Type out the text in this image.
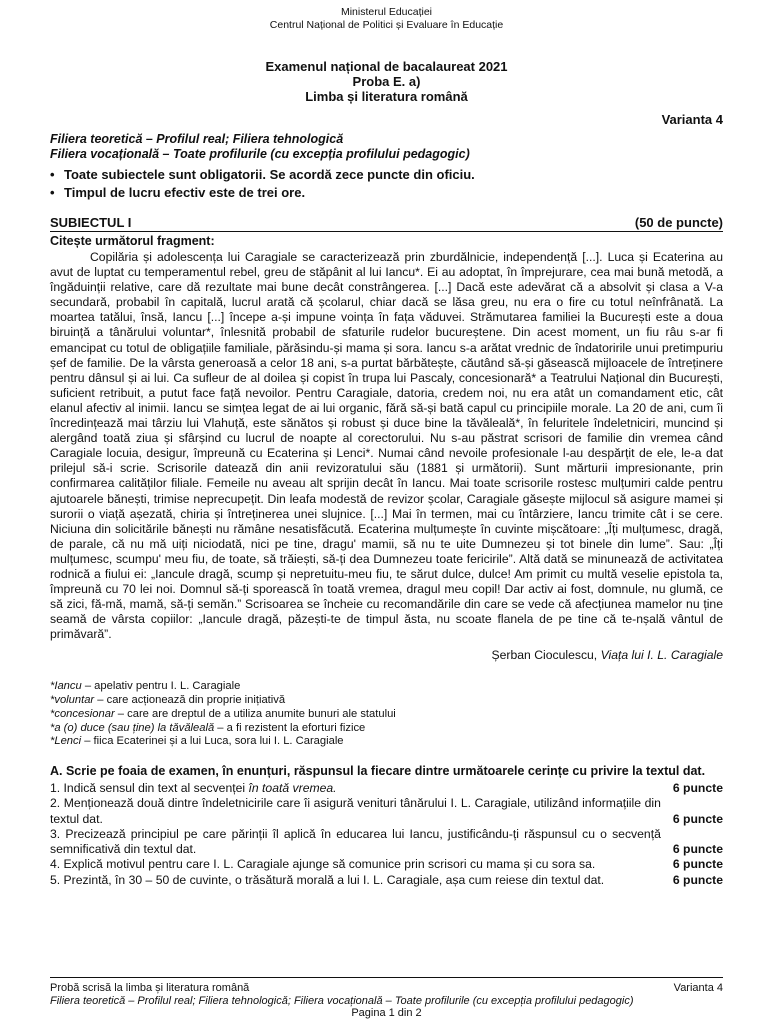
Ministerul Educației
Centrul Național de Politici și Evaluare în Educație
Examenul național de bacalaureat 2021
Proba E. a)
Limba și literatura română
Varianta 4
Filiera teoretică – Profilul real; Filiera tehnologică
Filiera vocațională – Toate profilurile (cu excepția profilului pedagogic)
• Toate subiectele sunt obligatorii. Se acordă zece puncte din oficiu.
• Timpul de lucru efectiv este de trei ore.
SUBIECTUL I	(50 de puncte)
Citește următorul fragment:

Copilăria și adolescența lui Caragiale se caracterizează prin zburdălnicie, independență [...]. Luca și Ecaterina au avut de luptat cu temperamentul rebel, greu de stăpânit al lui Iancu*. Ei au adoptat, în împrejurare, cea mai bună metodă, a îngăduinții relative, care dă rezultate mai bune decât constrângerea. [...] Dacă este adevărat că a absolvit și clasa a V-a secundară, probabil în capitală, lucrul arată că școlarul, chiar dacă se lăsa greu, nu era o fire cu totul neînfrânată. La moartea tatălui, însă, Iancu [...] începe a-și impune voința în fața văduvei. Strămutarea familiei la București este a doua biruință a tânărului voluntar*, înlesnită probabil de sfaturile rudelor bucureștene. Din acest moment, un fiu râu s-ar fi emancipat cu totul de obligațiile familiale, părăsindu-și mama și sora. Iancu s-a arătat vrednic de îndatoririle unui pretimpuriu șef de familie. De la vârsta generoasă a celor 18 ani, s-a purtat bărbătește, căutând să-și găsească mijloacele de întreținere pentru dânsul și ai lui. Ca sufleur de al doilea și copist în trupa lui Pascaly, concesionară* a Teatrului Național din București, suficient retribuit, a putut face față nevoilor. Pentru Caragiale, datoria, credem noi, nu era atât un comandament etic, cât elanul afectiv al inimii. Iancu se simțea legat de ai lui organic, fără să-și bată capul cu principiile morale. La 20 de ani, cum îi încredințează mai târziu lui Vlahuță, este sănătos și robust și duce bine la tăvăleală*, în feluritele îndeletniciri, muncind și alergând toată ziua și sfârșind cu lucrul de noapte al corectorului. Nu s-au păstrat scrisori de familie din vremea când Caragiale locuia, desigur, împreună cu Ecaterina și Lenci*. Numai când nevoile profesionale l-au despărțit de ele, le-a dat prilejul să-i scrie. Scrisorile datează din anii revizoratului său (1881 și următorii). Sunt mărturii impresionante, prin confirmarea calităților filiale. Femeile nu aveau alt sprijin decât în Iancu. Mai toate scrisorile rostesc mulțumiri calde pentru ajutoarele bănești, trimise neprecupețit. Din leafa modestă de revizor școlar, Caragiale găsește mijlocul să asigure mamei și surorii o viață așezată, chiria și întreținerea unei slujnice. [...] Mai în termen, mai cu întârziere, Iancu trimite cât i se cere. Niciuna din solicitările bănești nu rămâne nesatisfăcută. Ecaterina mulțumește în cuvinte mișcătoare: „Îți mulțumesc, dragă, de parale, că nu mă uiți niciodată, nici pe tine, dragu' mamii, să nu te uite Dumnezeu și tot binele din lume”. Sau: „Îți mulțumesc, scumpu' meu fiu, de toate, să trăiești, să-ți dea Dumnezeu toate fericirile”. Altă dată se minunează de activitatea rodnică a fiului ei: „Iancule dragă, scump și nepretuitu-meu fiu, te sărut dulce, dulce! Am primit cu multă veselie epistola ta, împreună cu 70 lei noi. Domnul să-ți sporească în toată vremea, dragul meu copil! Dar activ ai fost, domnule, nu glumă, ce să zici, fă-mă, mamă, să-ți semăn.” Scrisoarea se încheie cu recomandările din care se vede că afecțiunea mamelor nu ține seamă de vârsta copiilor: „Iancule dragă, păzești-te de timpul ăsta, nu scoate flanela de pe tine că te-nșală vântul de primăvară”.

Șerban Cioculescu, Viața lui I. L. Caragiale
*Iancu – apelativ pentru I. L. Caragiale
*voluntar – care acționează din proprie inițiativă
*concesionar – care are dreptul de a utiliza anumite bunuri ale statului
*a (o) duce (sau ține) la tăvăleală – a fi rezistent la eforturi fizice
*Lenci – fiica Ecaterinei și a lui Luca, sora lui I. L. Caragiale
A. Scrie pe foaia de examen, în enunțuri, răspunsul la fiecare dintre următoarele cerințe cu privire la textul dat.
1. Indică sensul din text al secvenței în toată vremea.	6 puncte
2. Menționează două dintre îndeletnicirile care îi asigură venituri tânărului I. L. Caragiale, utilizând informațiile din textul dat.	6 puncte
3. Precizează principiul pe care părinții îl aplică în educarea lui Iancu, justificându-ți răspunsul cu o secvență semnificativă din textul dat.	6 puncte
4. Explică motivul pentru care I. L. Caragiale ajunge să comunice prin scrisori cu mama și cu sora sa.	6 puncte
5. Prezintă, în 30 – 50 de cuvinte, o trăsătură morală a lui I. L. Caragiale, așa cum reiese din textul dat.	6 puncte
Probă scrisă la limba și literatura română	Varianta 4
Filiera teoretică – Profilul real; Filiera tehnologică; Filiera vocațională – Toate profilurile (cu excepția profilului pedagogic)
Pagina 1 din 2
